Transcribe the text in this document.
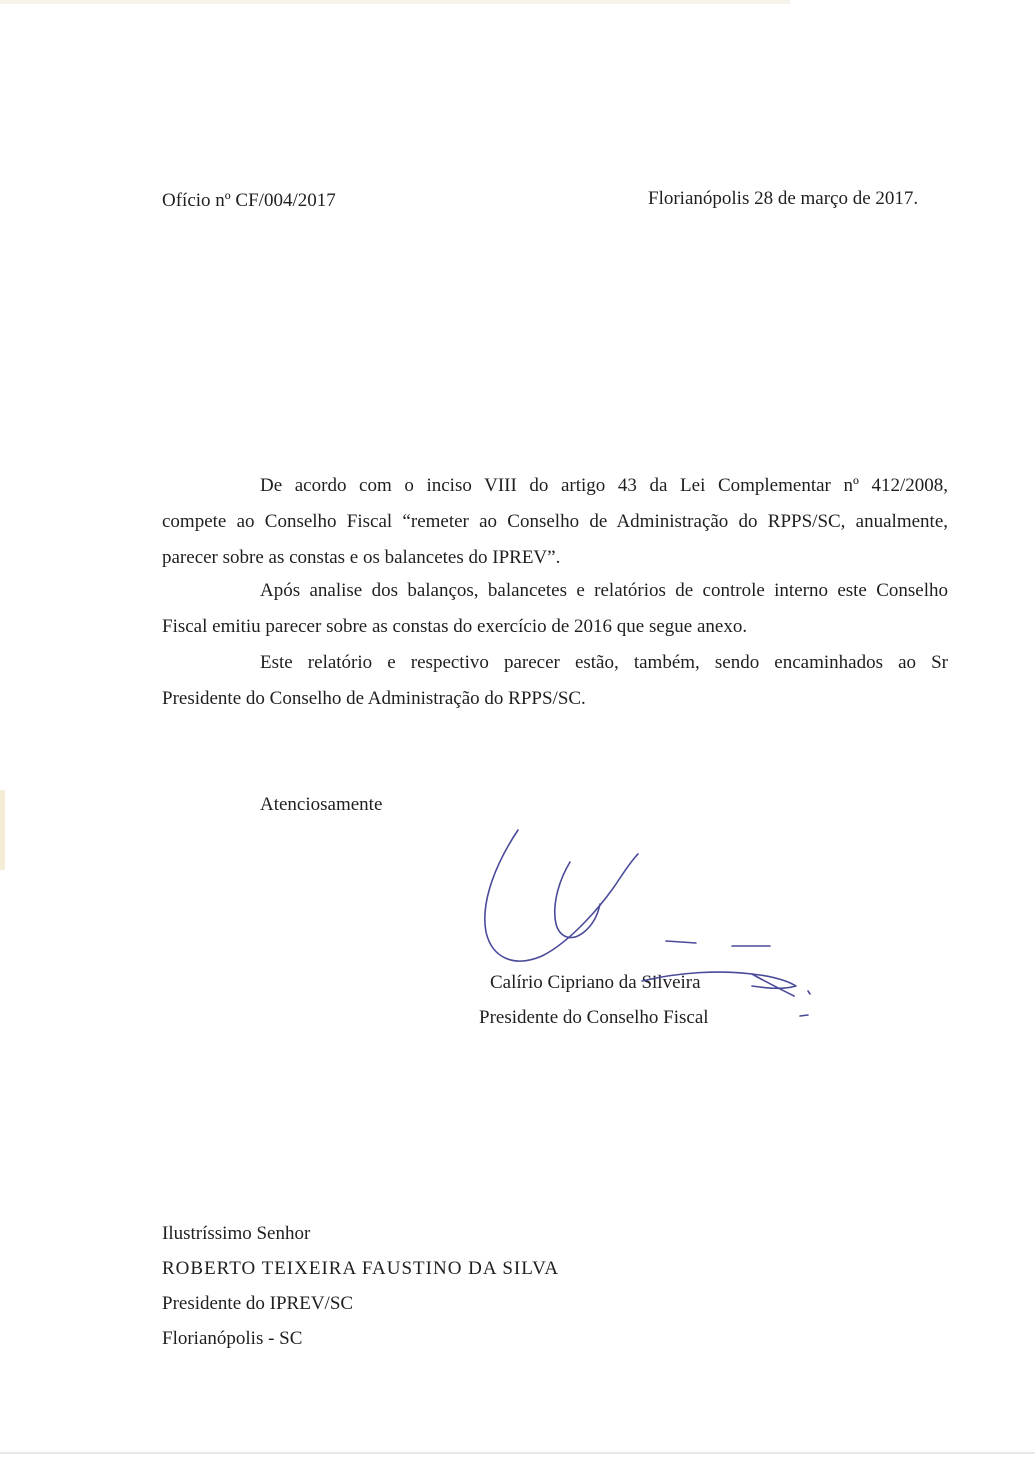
Ofício nº CF/004/2017	Florianópolis 28 de março de 2017.

De acordo com o inciso VIII do artigo 43 da Lei Complementar nº 412/2008,

compete ao Conselho Fiscal “remeter ao Conselho de Administração do RPPS/SC, anualmente,

parecer sobre as constas e os balancetes do IPREV”.

Após analise dos balanços, balancetes e relatórios de controle interno este Conselho

Fiscal emitiu parecer sobre as constas do exercício de 2016 que segue anexo.

Este relatório e respectivo parecer estão, também, sendo encaminhados ao Sr

Presidente do Conselho de Administração do RPPS/SC.

Atenciosamente

Calírio Cipriano da Silveira

Presidente do Conselho Fiscal

Ilustríssimo Senhor

ROBERTO TEIXEIRA FAUSTINO DA SILVA

Presidente do IPREV/SC

Florianópolis - SC
